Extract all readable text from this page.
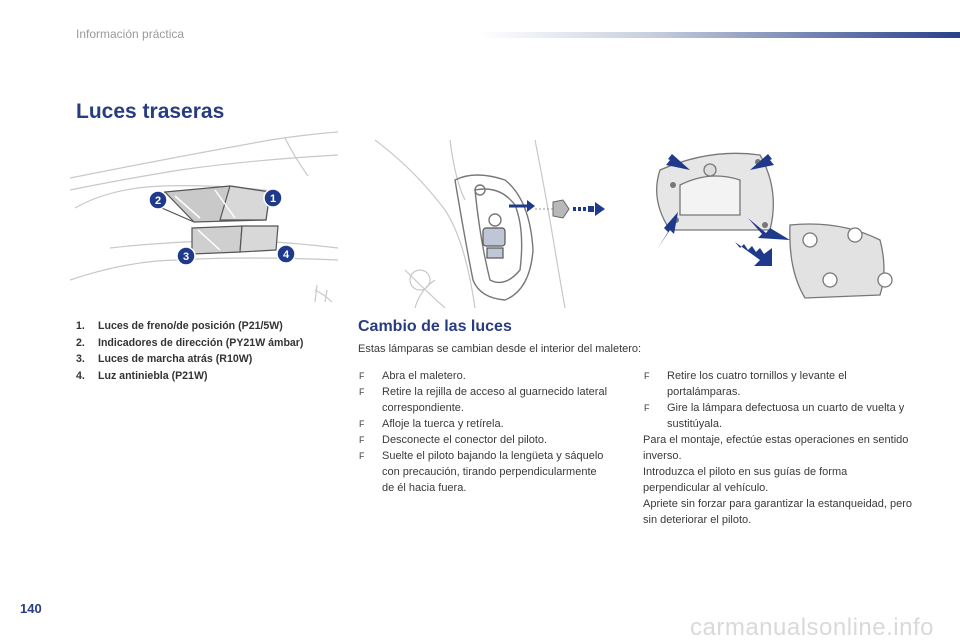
Información práctica
Luces traseras
1
2
3	4
1. Luces de freno/de posición (P21/5W)
2. Indicadores de dirección (PY21W ámbar)
3. Luces de marcha atrás (R10W)
4. Luz antiniebla (P21W)
Cambio de las luces
Estas lámparas se cambian desde el interior del maletero:
F Abra el maletero.
F Retire la rejilla de acceso al guarnecido lateral correspondiente.
F Afloje la tuerca y retírela.
F Desconecte el conector del piloto.
F Suelte el piloto bajando la lengüeta y sáquelo con precaución, tirando perpendicularmente de él hacia fuera.
F Retire los cuatro tornillos y levante el portalámparas.
F Gire la lámpara defectuosa un cuarto de vuelta y sustitúyala.
Para el montaje, efectúe estas operaciones en sentido inverso.
Introduzca el piloto en sus guías de forma perpendicular al vehículo.
Apriete sin forzar para garantizar la estanqueidad, pero sin deteriorar el piloto.
140
carmanualsonline.info
